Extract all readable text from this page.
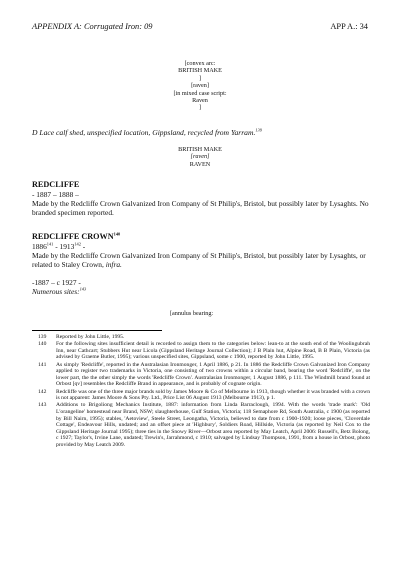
APPENDIX A: Corrugated Iron: 09	APP A.: 34
[convex arc:
BRITISH MAKE
]
[raven]
[in mixed case script:
Raven
]
D Lace calf shed, unspecified location, Gippsland, recycled from Yarram.$^{139}$
BRITISH MAKE
[raven]
RAVEN
REDCLIFFE
- 1887 – 1888 –
Made by the Redcliffe Crown Galvanized Iron Company of St Philip's, Bristol, but possibly later by Lysaghts. No branded specimen reported.
REDCLIFFE CROWN$^{140}$
1886$^{141}$ - 1913$^{142}$ -
Made by the Redcliffe Crown Galvanized Iron Company of St Philip's, Bristol, but possibly later by Lysaghts, or related to Staley Crown, infra.
-1887 – c 1927 -
Numerous sites:$^{143}$
[annulus bearing:
139	Reported by John Little, 1995.
140	For the following sites insufficient detail is recorded to assign them to the categories below: lean-to at the south end of the Woolingubrah Inn, near Cathcart; Stubbers Hut near Licola (Gippsland Heritage Journal Collection); J B Plain hut, Alpine Road, B B Plain, Victoria (as advised by Graeme Butler, 1995); various unspecified sites, Gippsland, some c 1900, reported by John Little, 1995.
141	As simply 'Redcliffe', reported in the Australasian Ironmonger, 1 April 1886, p 21. In 1886 the Redcliffe Crown Galvanized Iron Company applied to register two trademarks in Victoria, one consisting of two crowns within a circular band, bearing the word 'Redcliffe', on the lower part, the the other simply the words 'Redcliffe Crown'. Australasian Ironmonger, 1 August 1886, p 111. The Windmill brand found at Orbost [qv] resembles the Redcliffe Brand in appearance, and is probably of cognate origin.
142	Redcliffe was one of the three major brands sold by James Moore & Co of Melbourne in 1913, though whether it was branded with a crown is not apparent: James Moore & Sons Pty. Ltd., Price List 06 August 1913 (Melbourne 1913), p 1.
143	Additions to Brigoliong Mechanics Institute, 1887: information from Linda Barraclough, 1994. With the words 'trade mark': 'Old L'orangeline' homestead near Brand, NSW; slaughterhouse, Gulf Station, Victoria; 118 Semaphore Rd, South Australia, c 1900 (as reported by Bill Nairn, 1995); stables, 'Aetoview', Steele Street, Leongatha, Victoria, believed to date from c 1900-1920; loose pieces, 'Cloverdale Cottage', Endeavour Hills, undated; and an offset piece at 'Highbury', Soldiers Road, Hillside, Victoria (as reported by Neil Cox to the Gippsland Heritage Journal 1995); three ties in the Snowy River—Orbost area reported by May Leatch, April 2006: Russell's, Betz Bolong, c 1927; Taylor's, Irvine Lane, undated; Trewin's, Jarrahmond, c 1910; salvaged by Lindsay Thompson, 1991, from a house in Orbost, photo provided by May Leatch 2009.
